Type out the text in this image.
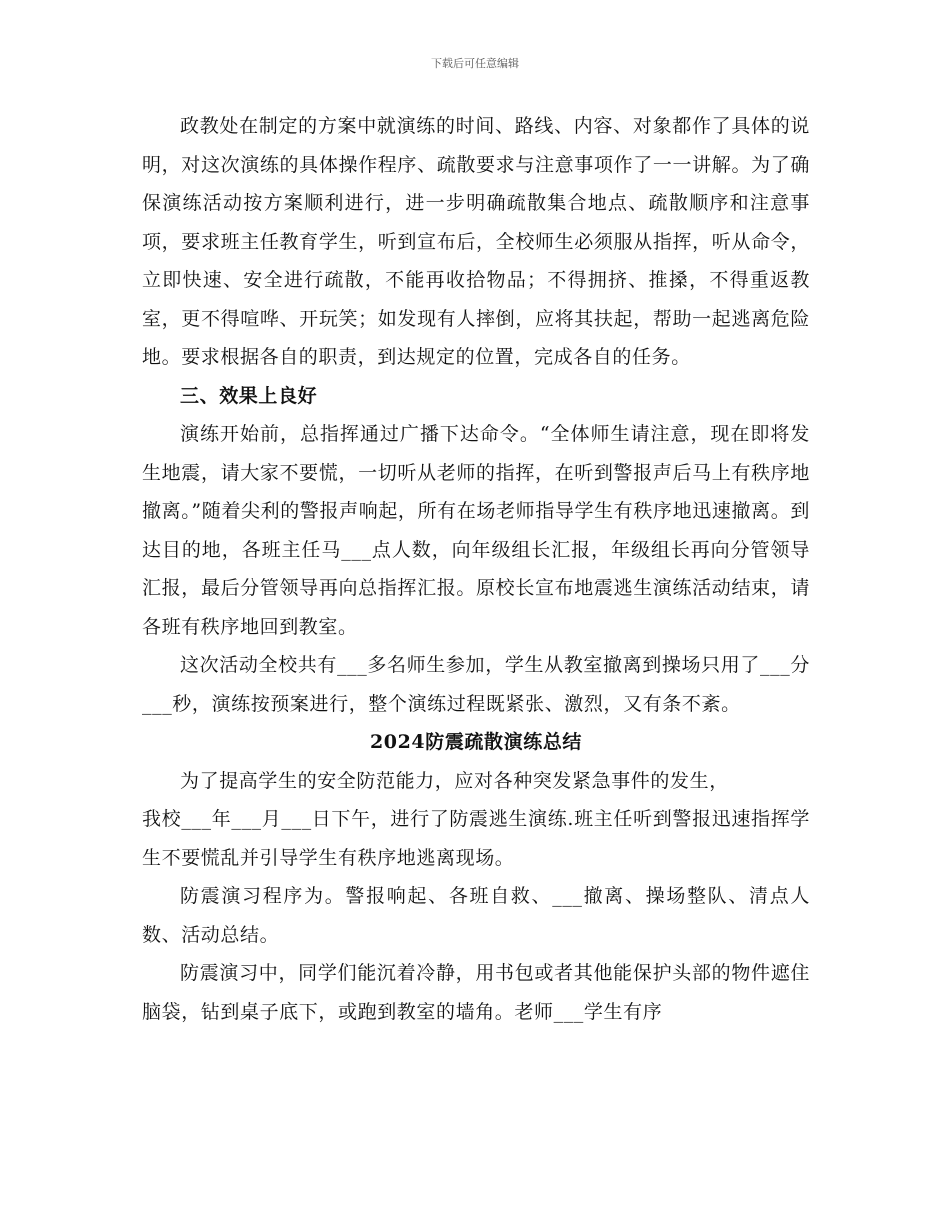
下载后可任意编辑

政教处在制定的方案中就演练的时间、路线、内容、对象都作了具体的说明，对这次演练的具体操作程序、疏散要求与注意事项作了一一讲解。为了确保演练活动按方案顺利进行，进一步明确疏散集合地点、疏散顺序和注意事项，要求班主任教育学生，听到宣布后，全校师生必须服从指挥，听从命令，立即快速、安全进行疏散，不能再收拾物品；不得拥挤、推搡，不得重返教室，更不得喧哗、开玩笑；如发现有人摔倒，应将其扶起，帮助一起逃离危险地。要求根据各自的职责，到达规定的位置，完成各自的任务。

三、效果上良好

演练开始前，总指挥通过广播下达命令。“全体师生请注意，现在即将发生地震，请大家不要慌，一切听从老师的指挥，在听到警报声后马上有秩序地撤离。”随着尖利的警报声响起，所有在场老师指导学生有秩序地迅速撤离。到达目的地，各班主任马___点人数，向年级组长汇报，年级组长再向分管领导汇报，最后分管领导再向总指挥汇报。原校长宣布地震逃生演练活动结束，请各班有秩序地回到教室。

这次活动全校共有___多名师生参加，学生从教室撤离到操场只用了___分___秒，演练按预案进行，整个演练过程既紧张、激烈，又有条不紊。

2024防震疏散演练总结

为了提高学生的安全防范能力，应对各种突发紧急事件的发生，

我校___年___月___日下午，进行了防震逃生演练.班主任听到警报迅速指挥学生不要慌乱并引导学生有秩序地逃离现场。

防震演习程序为。警报响起、各班自救、___撤离、操场整队、清点人数、活动总结。

防震演习中，同学们能沉着冷静，用书包或者其他能保护头部的物件遮住脑袋，钻到桌子底下，或跑到教室的墙角。老师___学生有序
